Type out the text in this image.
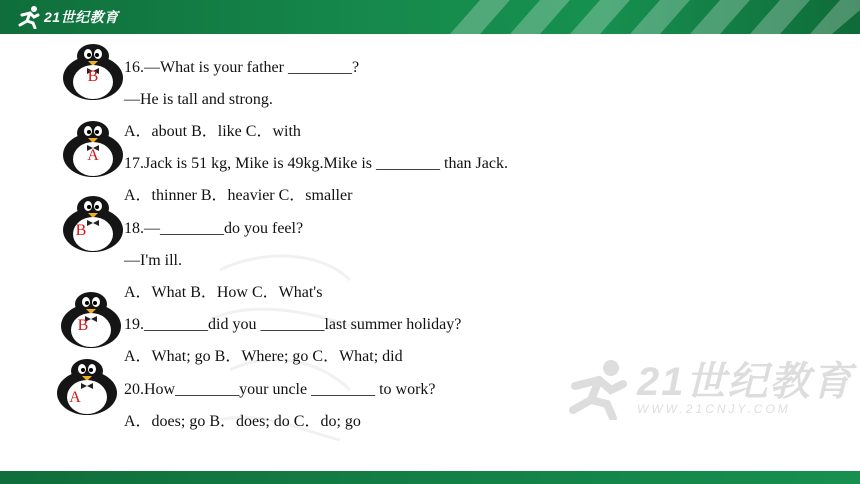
21世纪教育
21世纪教育
WWW.21CNJY.COM
B
A
B
B
A
16.—What is your father ________?
—He is tall and strong.
A．about B．like C．with
17.Jack is 51 kg, Mike is 49kg.Mike is ________ than Jack.
A．thinner B．heavier C．smaller
18.—________do you feel?
—I'm ill.
A．What B．How C．What's
19.________did you ________last summer holiday?
A．What; go B．Where; go C．What; did
20.How________your uncle ________ to work?
A．does; go B．does; do C．do; go
